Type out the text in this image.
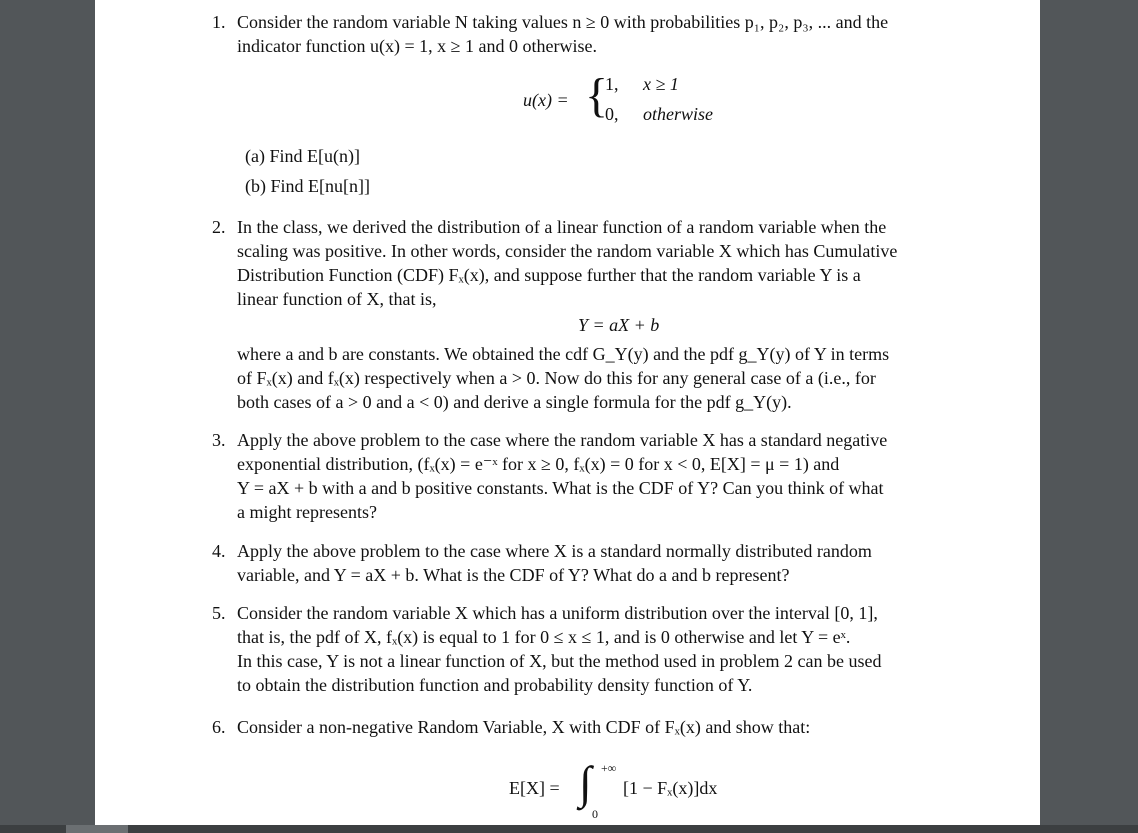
1. Consider the random variable N taking values n ≥ 0 with probabilities p₁, p₂, p₃, ... and the
indicator function u(x) = 1, x ≥ 1 and 0 otherwise.
u(x) = {
1, x ≥ 1
0, otherwise
(a) Find E[u(n)]
(b) Find E[nu[n]]
2. In the class, we derived the distribution of a linear function of a random variable when the
scaling was positive. In other words, consider the random variable X which has Cumulative
Distribution Function (CDF) Fₓ(x), and suppose further that the random variable Y is a
linear function of X, that is,
Y = aX + b
where a and b are constants. We obtained the cdf G_Y(y) and the pdf g_Y(y) of Y in terms
of Fₓ(x) and fₓ(x) respectively when a > 0. Now do this for any general case of a (i.e., for
both cases of a > 0 and a < 0) and derive a single formula for the pdf g_Y(y).
3. Apply the above problem to the case where the random variable X has a standard negative
exponential distribution, (fₓ(x) = e⁻ˣ for x ≥ 0, fₓ(x) = 0 for x < 0, E[X] = μ = 1) and
Y = aX + b with a and b positive constants. What is the CDF of Y? Can you think of what
a might represents?
4. Apply the above problem to the case where X is a standard normally distributed random
variable, and Y = aX + b. What is the CDF of Y? What do a and b represent?
5. Consider the random variable X which has a uniform distribution over the interval [0, 1],
that is, the pdf of X, fₓ(x) is equal to 1 for 0 ≤ x ≤ 1, and is 0 otherwise and let Y = eˣ.
In this case, Y is not a linear function of X, but the method used in problem 2 can be used
to obtain the distribution function and probability density function of Y.
6. Consider a non-negative Random Variable, X with CDF of Fₓ(x) and show that:
E[X] = ∫ +∞
0
[1 − Fₓ(x)]dx
